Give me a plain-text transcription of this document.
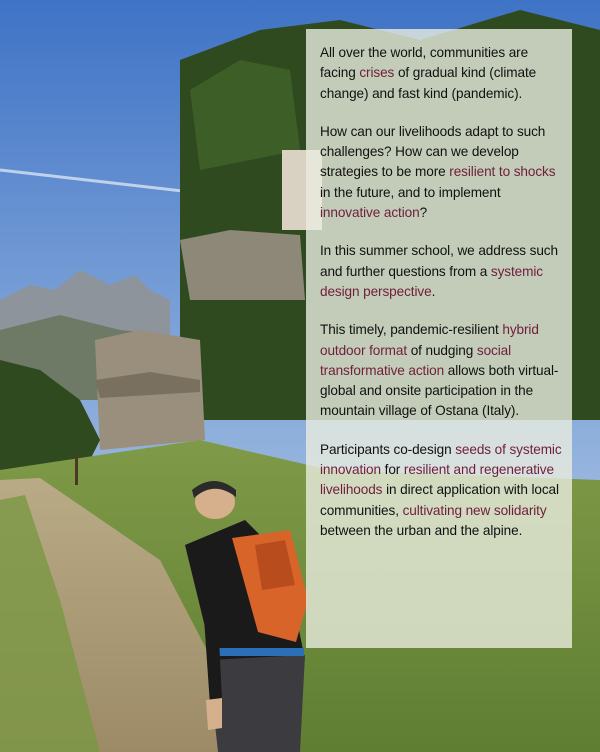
All over the world, communities are facing crises of gradual kind (climate change) and fast kind (pandemic).

How can our livelihoods adapt to such challenges? How can we develop strategies to be more resilient to shocks in the future, and to implement innovative action?

In this summer school, we address such and further questions from a systemic design perspective.

This timely, pandemic-resilient hybrid outdoor format of nudging social transformative action allows both virtual-global and onsite participation in the mountain village of Ostana (Italy).

Participants co-design seeds of systemic innovation for resilient and regenerative livelihoods in direct application with local communities, cultivating new solidarity between the urban and the alpine.
